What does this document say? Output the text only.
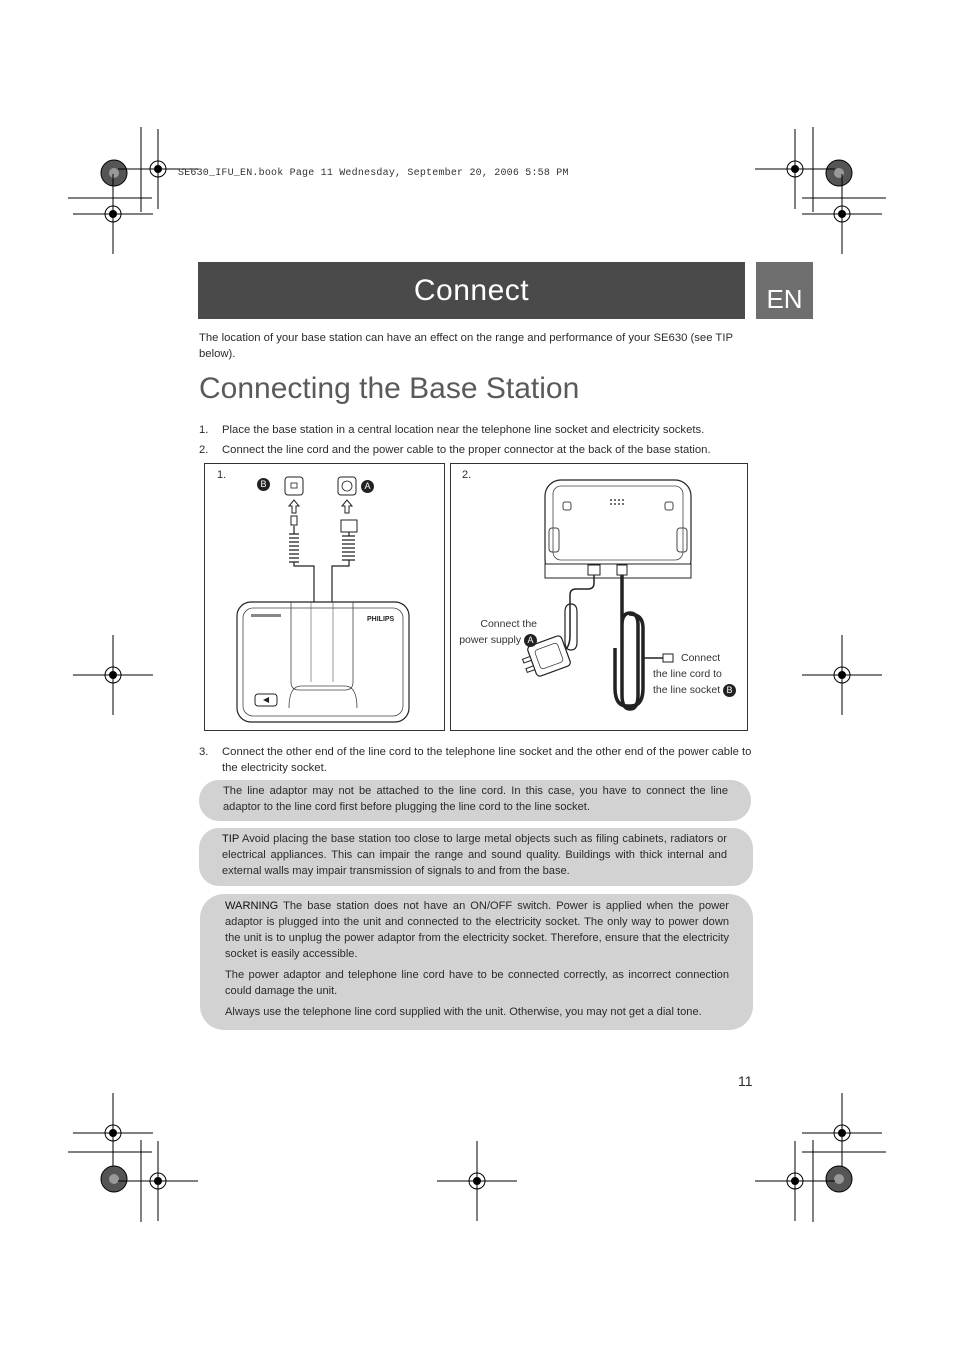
SE630_IFU_EN.book Page 11 Wednesday, September 20, 2006 5:58 PM
Connect	EN
The location of your base station can have an effect on the range and performance of your SE630 (see TIP below).
Connecting the Base Station
1. Place the base station in a central location near the telephone line socket and electricity sockets.
2. Connect the line cord and the power cable to the proper connector at the back of the base station.
1.
B	A
PHILIPS
2.
Connect the
power supply A
Connect
the line cord to
the line socket B
3. Connect the other end of the line cord to the telephone line socket and the other end of the power cable to the electricity socket.

The line adaptor may not be attached to the line cord. In this case, you have to connect the line adaptor to the line cord first before plugging the line cord to the line socket.

TIP Avoid placing the base station too close to large metal objects such as filing cabinets, radiators or electrical appliances. This can impair the range and sound quality. Buildings with thick internal and external walls may impair transmission of signals to and from the base.

WARNING The base station does not have an ON/OFF switch. Power is applied when the power adaptor is plugged into the unit and connected to the electricity socket. The only way to power down the unit is to unplug the power adaptor from the electricity socket. Therefore, ensure that the electricity socket is easily accessible.

The power adaptor and telephone line cord have to be connected correctly, as incorrect connection could damage the unit.

Always use the telephone line cord supplied with the unit. Otherwise, you may not get a dial tone.

11
